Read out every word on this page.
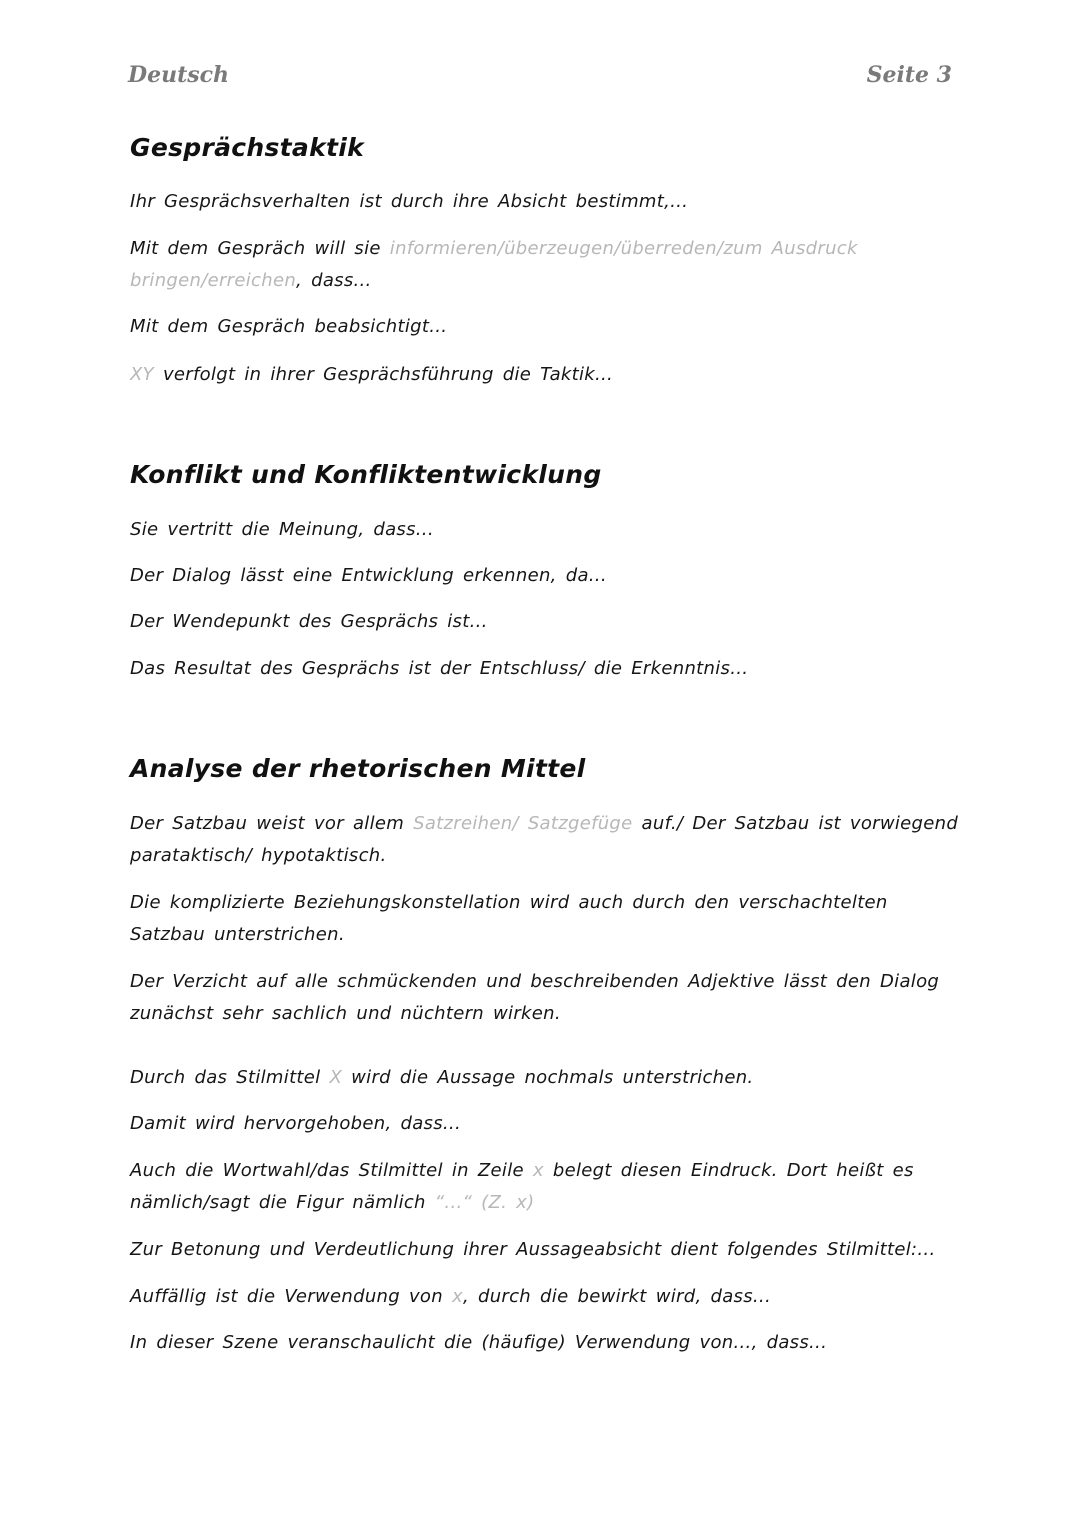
Deutsch	Seite 3
Gesprächstaktik

Ihr Gesprächsverhalten ist durch ihre Absicht bestimmt,...

Mit dem Gespräch will sie informieren/überzeugen/überreden/zum Ausdruck bringen/erreichen, dass...

Mit dem Gespräch beabsichtigt...

XY verfolgt in ihrer Gesprächsführung die Taktik...

Konflikt und Konfliktentwicklung

Sie vertritt die Meinung, dass...

Der Dialog lässt eine Entwicklung erkennen, da...

Der Wendepunkt des Gesprächs ist...

Das Resultat des Gesprächs ist der Entschluss/ die Erkenntnis...

Analyse der rhetorischen Mittel

Der Satzbau weist vor allem Satzreihen/ Satzgefüge auf./ Der Satzbau ist vorwiegend parataktisch/ hypotaktisch.

Die komplizierte Beziehungskonstellation wird auch durch den verschachtelten Satzbau unterstrichen.

Der Verzicht auf alle schmückenden und beschreibenden Adjektive lässt den Dialog zunächst sehr sachlich und nüchtern wirken.

Durch das Stilmittel X wird die Aussage nochmals unterstrichen.

Damit wird hervorgehoben, dass...

Auch die Wortwahl/das Stilmittel in Zeile x belegt diesen Eindruck. Dort heißt es nämlich/sagt die Figur nämlich “...“ (Z. x)

Zur Betonung und Verdeutlichung ihrer Aussageabsicht dient folgendes Stilmittel:...

Auffällig ist die Verwendung von x, durch die bewirkt wird, dass...

In dieser Szene veranschaulicht die (häufige) Verwendung von..., dass...
